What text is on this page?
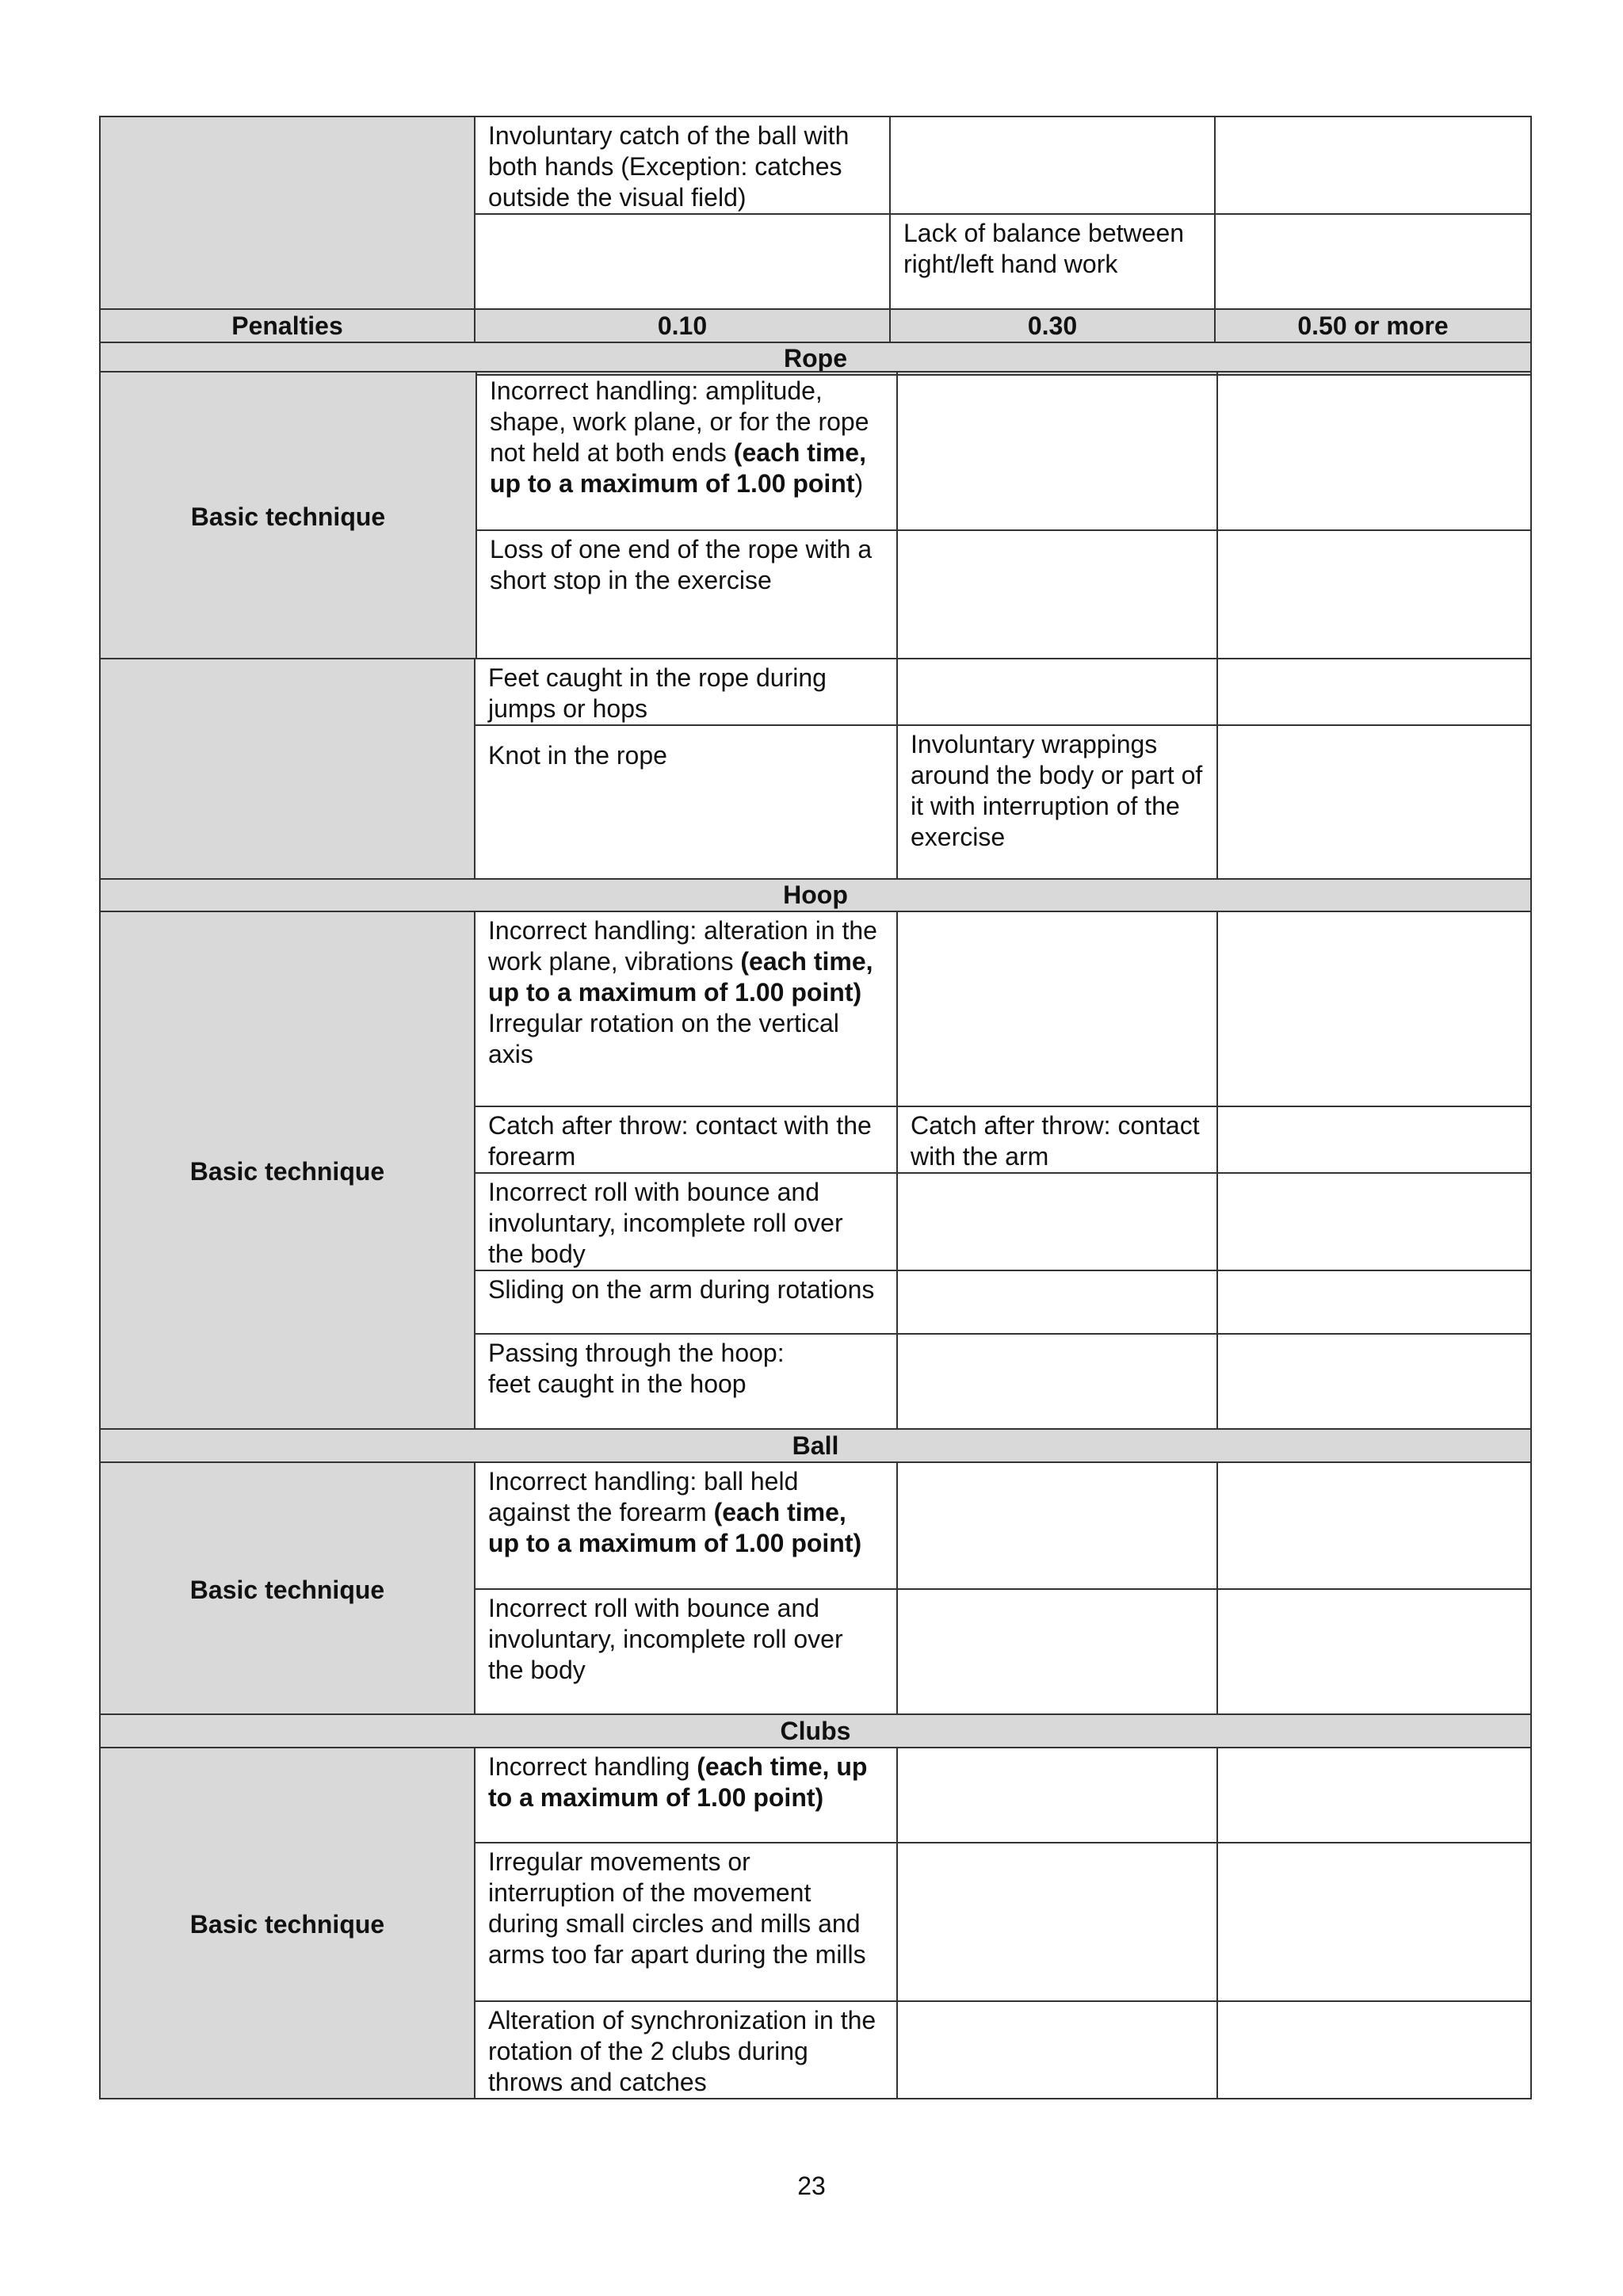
	Involuntary catch of the ball with both hands (Exception: catches outside the visual field)		
		Lack of balance between right/left hand work	
Penalties	0.10	0.30	0.50 or more
Rope			
Basic technique	Incorrect handling: amplitude, shape, work plane, or for the rope not held at both ends (each time, up to a maximum of 1.00 point)		
	Loss of one end of the rope with a short stop in the exercise		
	Feet caught in the rope during jumps or hops		
	Knot in the rope	Involuntary wrappings around the body or part of it with interruption of the exercise	
Hoop			
Basic technique	Incorrect handling: alteration in the work plane, vibrations (each time, up to a maximum of 1.00 point)
Irregular rotation on the vertical axis		
	Catch after throw: contact with the forearm	Catch after throw: contact with the arm	
	Incorrect roll with bounce and involuntary, incomplete roll over the body		
	Sliding on the arm during rotations		
	Passing through the hoop:
feet caught in the hoop		
Ball			
Basic technique	Incorrect handling: ball held against the forearm (each time, up to a maximum of 1.00 point)		
	Incorrect roll with bounce and involuntary, incomplete roll over the body		
Clubs			
Basic technique	Incorrect handling (each time, up to a maximum of 1.00 point)		
	Irregular movements or interruption of the movement during small circles and mills and arms too far apart during the mills		
	Alteration of synchronization in the rotation of the 2 clubs during throws and catches		
23
